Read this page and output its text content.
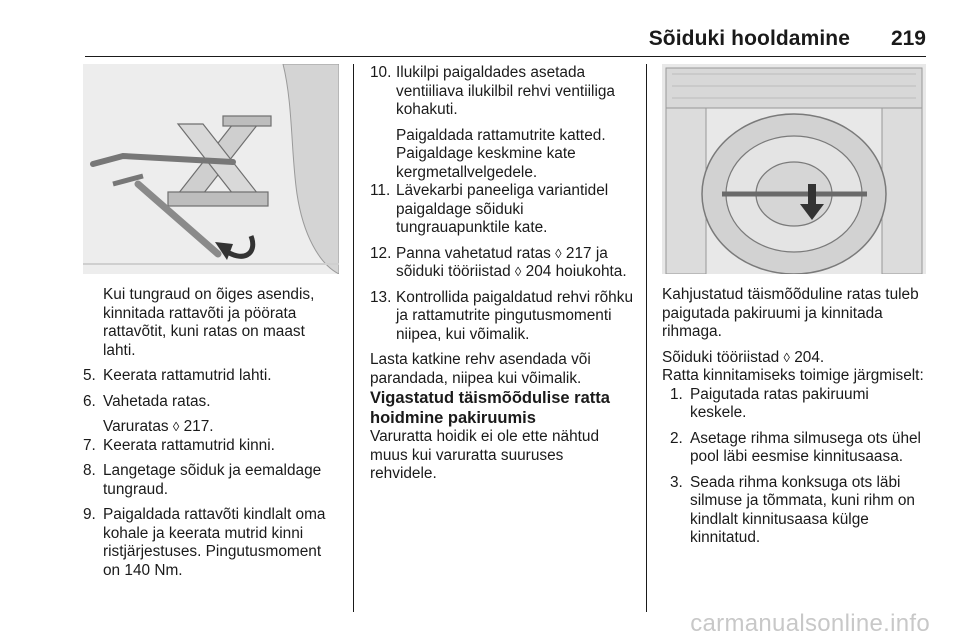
Sõiduki hooldamine 219

Kui tungraud on õiges asendis, kinnitada rattavõti ja pöörata rattavõtit, kuni ratas on maast lahti.

5. Keerata rattamutrid lahti.
6. Vahetada ratas.

Varuratas ◊ 217.

7. Keerata rattamutrid kinni.
8. Langetage sõiduk ja eemaldage tungraud.
9. Paigaldada rattavõti kindlalt oma kohale ja keerata mutrid kinni ristjärjestuses. Pingutusmoment on 140 Nm.
10. Ilukilpi paigaldades asetada ventiiliava ilukilbil rehvi ventiiliga kohakuti.

Paigaldada rattamutrite katted.

Paigaldage keskmine kate kergmetallvelgedele.

11. Lävekarbi paneeliga variantidel paigaldage sõiduki tungrauapunktile kate.
12. Panna vahetatud ratas ◊ 217 ja sõiduki tööriistad ◊ 204 hoiukohta.
13. Kontrollida paigaldatud rehvi rõhku ja rattamutrite pingutusmomenti niipea, kui võimalik.

Lasta katkine rehv asendada või parandada, niipea kui võimalik.

Vigastatud täismõõdulise ratta hoidmine pakiruumis

Varuratta hoidik ei ole ette nähtud muus kui varuratta suuruses rehvidele.

Kahjustatud täismõõduline ratas tuleb paigutada pakiruumi ja kinnitada rihmaga.

Sõiduki tööriistad ◊ 204.

Ratta kinnitamiseks toimige järgmiselt:

1. Paigutada ratas pakiruumi keskele.
2. Asetage rihma silmusega ots ühel pool läbi eesmise kinnitusaasa.
3. Seada rihma konksuga ots läbi silmuse ja tõmmata, kuni rihm on kindlalt kinnitusaasa külge kinnitatud.
carmanualsonline.info
